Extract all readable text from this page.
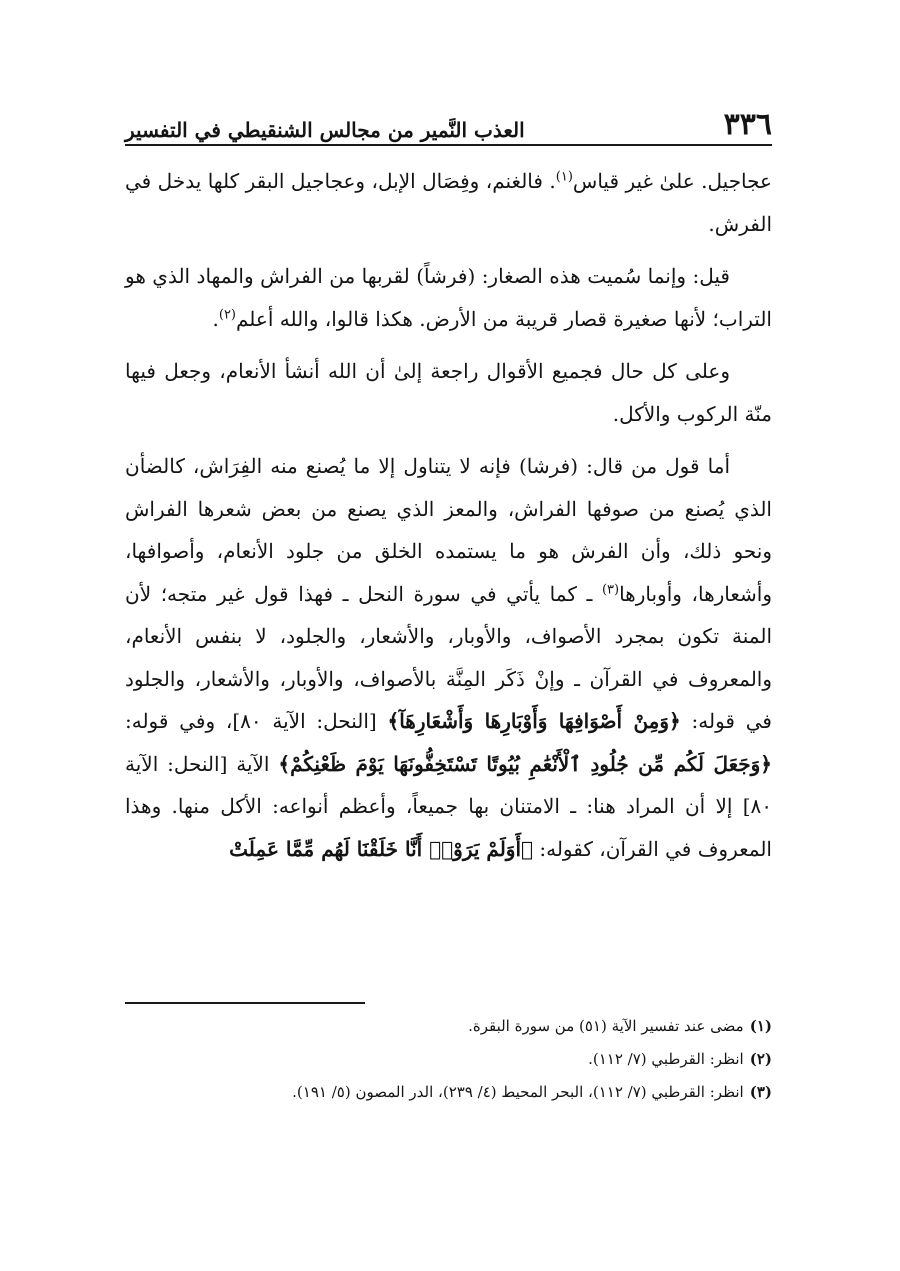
٣٣٦
العذب النَّمير من مجالس الشنقيطي في التفسير

عجاجيل. علىٰ غير قياس$^{(١)}$. فالغنم، وفِصَال الإبل، وعجاجيل البقر كلها يدخل في الفرش.

قيل: وإنما سُميت هذه الصغار: (فرشاً) لقربها من الفراش والمهاد الذي هو التراب؛ لأنها صغيرة قصار قريبة من الأرض. هكذا قالوا، والله أعلم$^{(٢)}$.

وعلى كل حال فجميع الأقوال راجعة إلىٰ أن الله أنشأ الأنعام، وجعل فيها منّة الركوب والأكل.

أما قول من قال: (فرشا) فإنه لا يتناول إلا ما يُصنع منه الفِرَاش، كالضأن الذي يُصنع من صوفها الفراش، والمعز الذي يصنع من بعض شعرها الفراش ونحو ذلك، وأن الفرش هو ما يستمده الخلق من جلود الأنعام، وأصوافها، وأشعارها، وأوبارها$^{(٣)}$ ـ كما يأتي في سورة النحل ـ فهذا قول غير متجه؛ لأن المنة تكون بمجرد الأصواف، والأوبار، والأشعار، والجلود، لا بنفس الأنعام، والمعروف في القرآن ـ وإنْ ذَكَر المِنَّة بالأصواف، والأوبار، والأشعار، والجلود في قوله: ﴿وَمِنْ أَصْوَافِهَا وَأَوْبَارِهَا وَأَشْعَارِهَآ﴾ [النحل: الآية ٨٠]، وفي قوله: ﴿وَجَعَلَ لَكُم مِّن جُلُودِ ٱلْأَنْعَٰمِ بُيُوتًا تَسْتَخِفُّونَهَا يَوْمَ ظَعْنِكُمْ﴾ الآية [النحل: الآية ٨٠] إلا أن المراد هنا: ـ الامتنان بها جميعاً، وأعظم أنواعه: الأكل منها. وهذا المعروف في القرآن، كقوله: ﴿أَوَلَمْ يَرَوْا۟ أَنَّا خَلَقْنَا لَهُم مِّمَّا عَمِلَتْ

(١)مضى عند تفسير الآية (٥١) من سورة البقرة.

(٢)انظر: القرطبي (٧/ ١١٢).

(٣)انظر: القرطبي (٧/ ١١٢)، البحر المحيط (٤/ ٢٣٩)، الدر المصون (٥/ ١٩١).
